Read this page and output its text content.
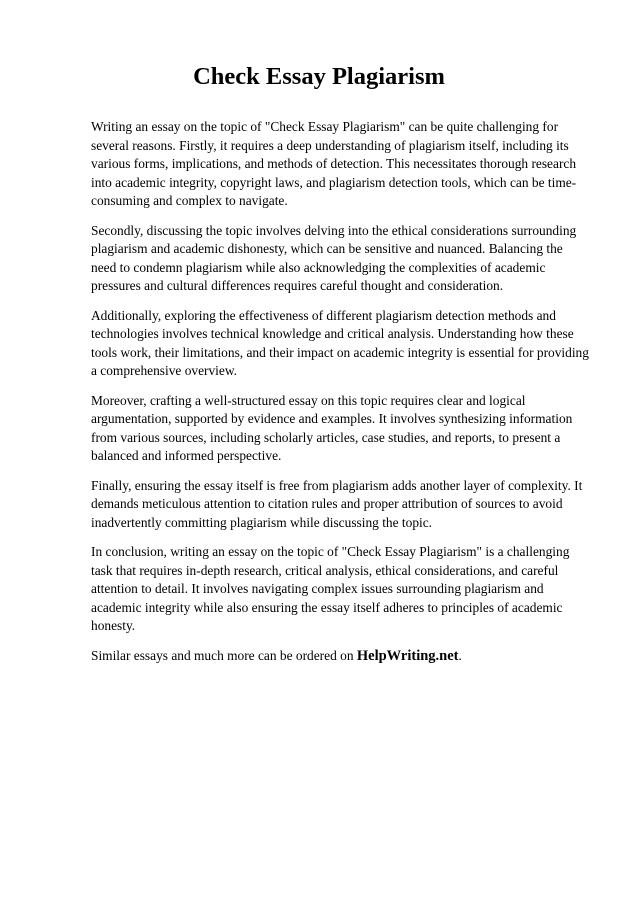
Check Essay Plagiarism

Writing an essay on the topic of "Check Essay Plagiarism" can be quite challenging for several reasons. Firstly, it requires a deep understanding of plagiarism itself, including its various forms, implications, and methods of detection. This necessitates thorough research into academic integrity, copyright laws, and plagiarism detection tools, which can be time-consuming and complex to navigate.

Secondly, discussing the topic involves delving into the ethical considerations surrounding plagiarism and academic dishonesty, which can be sensitive and nuanced. Balancing the need to condemn plagiarism while also acknowledging the complexities of academic pressures and cultural differences requires careful thought and consideration.

Additionally, exploring the effectiveness of different plagiarism detection methods and technologies involves technical knowledge and critical analysis. Understanding how these tools work, their limitations, and their impact on academic integrity is essential for providing a comprehensive overview.

Moreover, crafting a well-structured essay on this topic requires clear and logical argumentation, supported by evidence and examples. It involves synthesizing information from various sources, including scholarly articles, case studies, and reports, to present a balanced and informed perspective.

Finally, ensuring the essay itself is free from plagiarism adds another layer of complexity. It demands meticulous attention to citation rules and proper attribution of sources to avoid inadvertently committing plagiarism while discussing the topic.

In conclusion, writing an essay on the topic of "Check Essay Plagiarism" is a challenging task that requires in-depth research, critical analysis, ethical considerations, and careful attention to detail. It involves navigating complex issues surrounding plagiarism and academic integrity while also ensuring the essay itself adheres to principles of academic honesty.

Similar essays and much more can be ordered on HelpWriting.net.
